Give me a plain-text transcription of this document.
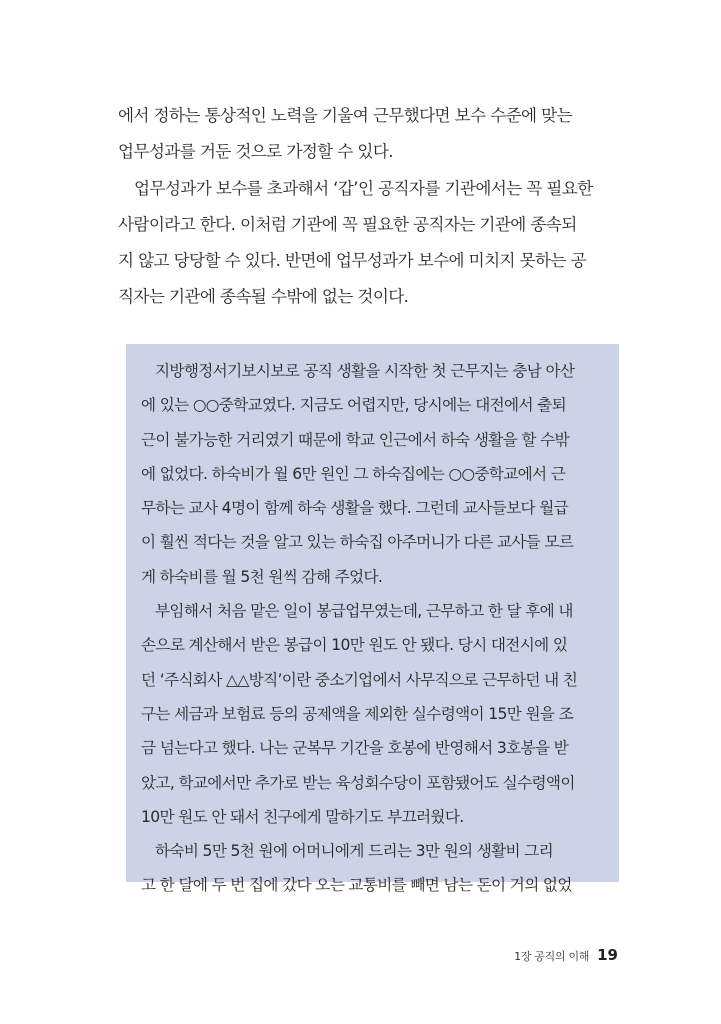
에서 정하는 통상적인 노력을 기울여 근무했다면 보수 수준에 맞는

업무성과를 거둔 것으로 가정할 수 있다.

업무성과가 보수를 초과해서 ‘갑’인 공직자를 기관에서는 꼭 필요한

사람이라고 한다. 이처럼 기관에 꼭 필요한 공직자는 기관에 종속되

지 않고 당당할 수 있다. 반면에 업무성과가 보수에 미치지 못하는 공

직자는 기관에 종속될 수밖에 없는 것이다.

지방행정서기보시보로 공직 생활을 시작한 첫 근무지는 충남 아산

에 있는 ○○중학교였다. 지금도 어렵지만, 당시에는 대전에서 출퇴

근이 불가능한 거리였기 때문에 학교 인근에서 하숙 생활을 할 수밖

에 없었다. 하숙비가 월 6만 원인 그 하숙집에는 ○○중학교에서 근

무하는 교사 4명이 함께 하숙 생활을 했다. 그런데 교사들보다 월급

이 훨씬 적다는 것을 알고 있는 하숙집 아주머니가 다른 교사들 모르

게 하숙비를 월 5천 원씩 감해 주었다.

부임해서 처음 맡은 일이 봉급업무였는데, 근무하고 한 달 후에 내

손으로 계산해서 받은 봉급이 10만 원도 안 됐다. 당시 대전시에 있

던 ‘주식회사 △△방직’이란 중소기업에서 사무직으로 근무하던 내 친

구는 세금과 보험료 등의 공제액을 제외한 실수령액이 15만 원을 조

금 넘는다고 했다. 나는 군복무 기간을 호봉에 반영해서 3호봉을 받

았고, 학교에서만 추가로 받는 육성회수당이 포함됐어도 실수령액이

10만 원도 안 돼서 친구에게 말하기도 부끄러웠다.

하숙비 5만 5천 원에 어머니에게 드리는 3만 원의 생활비 그리

고 한 달에 두 번 집에 갔다 오는 교통비를 빼면 남는 돈이 거의 없었

1장 공직의 이해 19
